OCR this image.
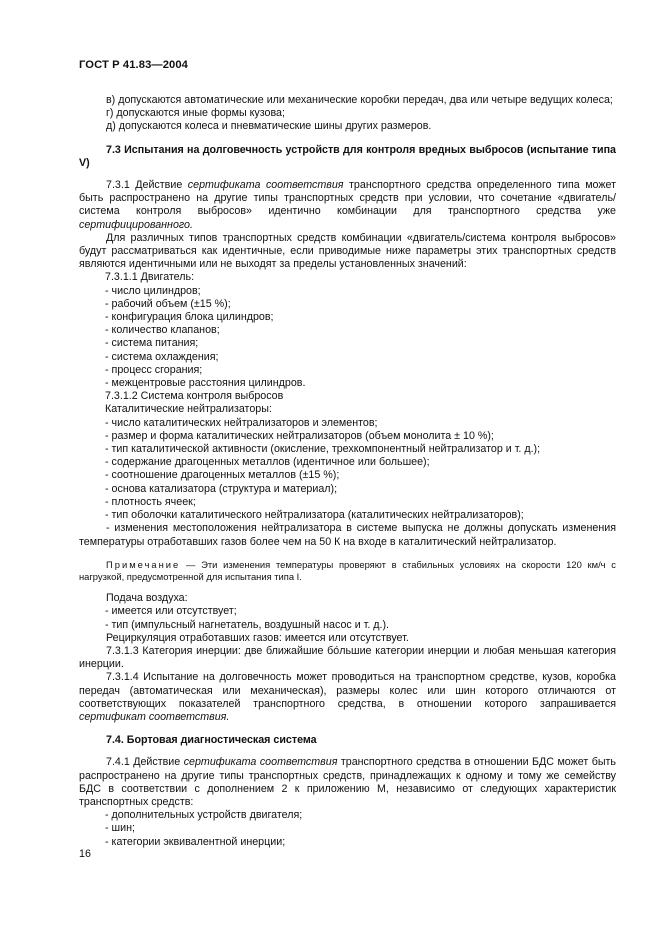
ГОСТ Р 41.83—2004

в) допускаются автоматические или механические коробки передач, два или четыре ведущих колеса;

г) допускаются иные формы кузова;

д) допускаются колеса и пневматические шины других размеров.

7.3 Испытания на долговечность устройств для контроля вредных выбросов (испытание типа V)

7.3.1 Действие сертификата соответствия транспортного средства определенного типа может быть распространено на другие типы транспортных средств при условии, что сочетание «двигатель/система контроля выбросов» идентично комбинации для транспортного средства уже сертифицированного.

Для различных типов транспортных средств комбинации «двигатель/система контроля выбросов» будут рассматриваться как идентичные, если приводимые ниже параметры этих транспортных средств являются идентичными или не выходят за пределы установленных значений:

7.3.1.1 Двигатель:

- число цилиндров;

- рабочий объем (±15 %);

- конфигурация блока цилиндров;

- количество клапанов;

- система питания;

- система охлаждения;

- процесс сгорания;

- межцентровые расстояния цилиндров.

7.3.1.2 Система контроля выбросов

Каталитические нейтрализаторы:

- число каталитических нейтрализаторов и элементов;

- размер и форма каталитических нейтрализаторов (объем монолита ± 10 %);

- тип каталитической активности (окисление, трехкомпонентный нейтрализатор и т. д.);

- содержание драгоценных металлов (идентичное или большее);

- соотношение драгоценных металлов (±15 %);

- основа катализатора (структура и материал);

- плотность ячеек;

- тип оболочки каталитического нейтрализатора (каталитических нейтрализаторов);

- изменения местоположения нейтрализатора в системе выпуска не должны допускать изменения температуры отработавших газов более чем на 50 К на входе в каталитический нейтрализатор.

Примечание — Эти изменения температуры проверяют в стабильных условиях на скорости 120 км/ч с нагрузкой, предусмотренной для испытания типа I.

Подача воздуха:

- имеется или отсутствует;

- тип (импульсный нагнетатель, воздушный насос и т. д.).

Рециркуляция отработавших газов: имеется или отсутствует.

7.3.1.3 Категория инерции: две ближайшие бóльшие категории инерции и любая меньшая категория инерции.

7.3.1.4 Испытание на долговечность может проводиться на транспортном средстве, кузов, коробка передач (автоматическая или механическая), размеры колес или шин которого отличаются от соответствующих показателей транспортного средства, в отношении которого запрашивается сертификат соответствия.

7.4. Бортовая диагностическая система

7.4.1 Действие сертификата соответствия транспортного средства в отношении БДС может быть распространено на другие типы транспортных средств, принадлежащих к одному и тому же семейству БДС в соответствии с дополнением 2 к приложению М, независимо от следующих характеристик транспортных средств:

- дополнительных устройств двигателя;

- шин;

- категории эквивалентной инерции;

16
